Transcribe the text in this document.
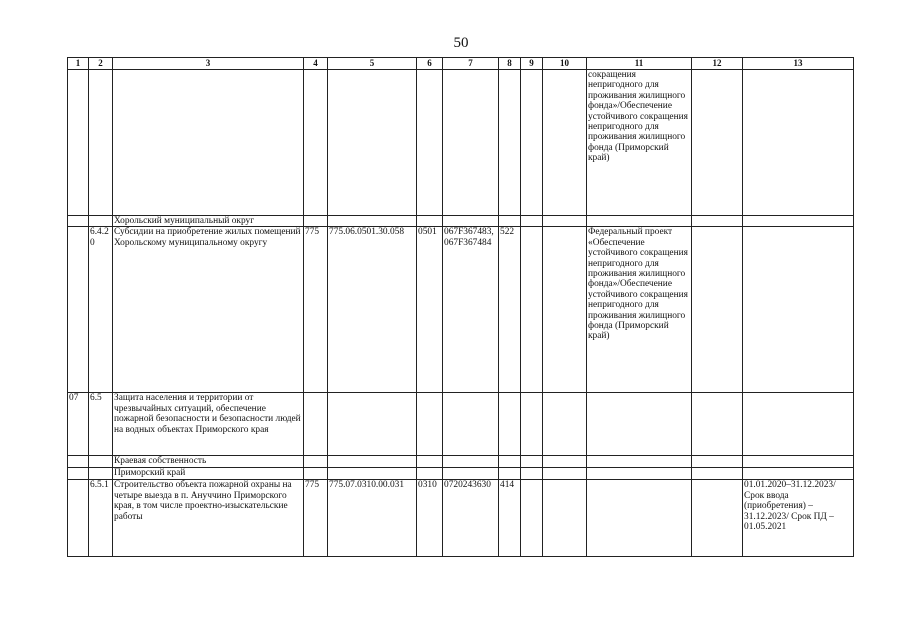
50
1	2	3	4	5	6	7	8	9	10	11	12	13
										сокращения непригодного для проживания жилищного фонда»/Обеспечение устойчивого сокращения непригодного для проживания жилищного фонда (Приморский край)		
		Хорольский муниципальный округ										
	6.4.2 0	Субсидии на приобретение жилых помещений Хорольскому муниципальному округу	775	775.06.0501.30.058	0501	067F367483, 067F367484	522			Федеральный проект «Обеспечение устойчивого сокращения непригодного для проживания жилищного фонда»/Обеспечение устойчивого сокращения непригодного для проживания жилищного фонда (Приморский край)		
07	6.5	Защита населения и территории от чрезвычайных ситуаций, обеспечение пожарной безопасности и безопасности людей на водных объектах Приморского края										
		Краевая собственность										
		Приморский край										
	6.5.1	Строительство объекта пожарной охраны на четыре выезда в п. Ануччино Приморского края, в том числе проектно-изыскательские работы	775	775.07.0310.00.031	0310	0720243630	414					01.01.2020–31.12.2023/ Срок ввода (приобретения) – 31.12.2023/ Срок ПД – 01.05.2021
